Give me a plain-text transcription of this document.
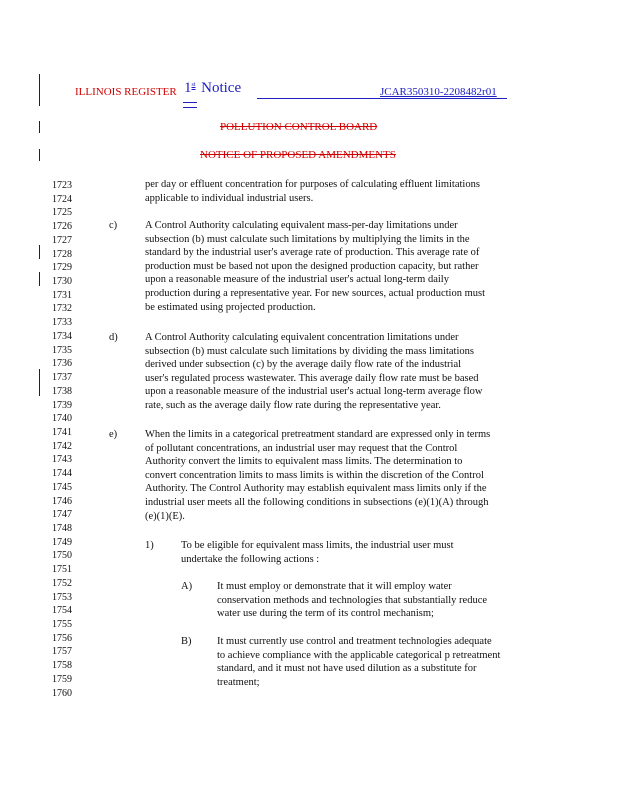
ILLINOIS REGISTER 1st Notice	JCAR350310-2208482r01
POLLUTION CONTROL BOARD
NOTICE OF PROPOSED AMENDMENTS
1723
1724
1725
1726
1727
1728
1729
1730
1731
1732
1733
1734
1735
1736
1737
1738
1739
1740
1741
1742
1743
1744
1745
1746
1747
1748
1749
1750
1751
1752
1753
1754
1755
1756
1757
1758
1759
1760
per day or effluent concentration for purposes of calculating effluent limitations
applicable to individual industrial users.
c)	A Control Authority calculating equivalent mass-per-day limitations under
subsection (b) must calculate such limitations by multiplying the limits in the
standard by the industrial user's average rate of production. This average rate of
production must be based not upon the designed production capacity, but rather
upon a reasonable measure of the industrial user's actual long-term daily
production during a representative year. For new sources, actual production must
be estimated using projected production.
d)	A Control Authority calculating equivalent concentration limitations under
subsection (b) must calculate such limitations by dividing the mass limitations
derived under subsection (c) by the average daily flow rate of the industrial
user's regulated process wastewater. This average daily flow rate must be based
upon a reasonable measure of the industrial user's actual long-term average flow
rate, such as the average daily flow rate during the representative year.
e)	When the limits in a categorical pretreatment standard are expressed only in terms
of pollutant concentrations, an industrial user may request that the Control
Authority convert the limits to equivalent mass limits. The determination to
convert concentration limits to mass limits is within the discretion of the Control
Authority. The Control Authority may establish equivalent mass limits only if the
industrial user meets all the following conditions in subsections (e)(1)(A) through
(e)(1)(E).
1)	To be eligible for equivalent mass limits, the industrial user must
undertake the following actions :
A) It must employ or demonstrate that it will employ water
conservation methods and technologies that substantially reduce
water use during the term of its control mechanism;
B) It must currently use control and treatment technologies adequate
to achieve compliance with the applicable categorical p retreatment
standard, and it must not have used dilution as a substitute for
treatment;
